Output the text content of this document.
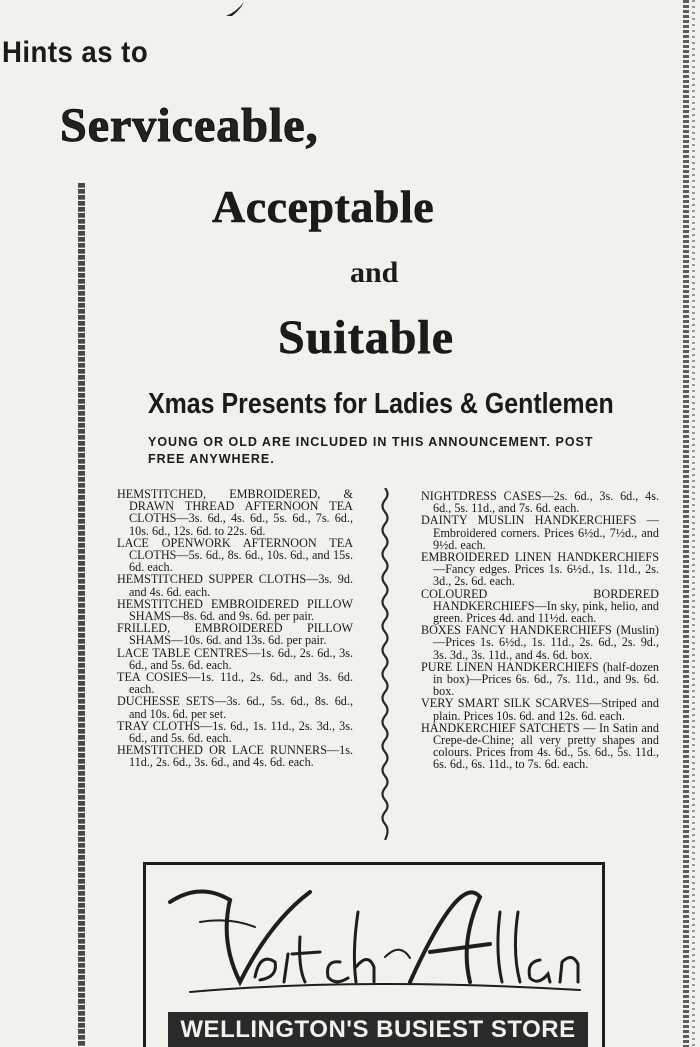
Hints as to
Serviceable,
Acceptable
and
Suitable
Xmas Presents for Ladies & Gentlemen
YOUNG OR OLD ARE INCLUDED IN THIS ANNOUNCEMENT. POST FREE ANYWHERE.

HEMSTITCHED, EMBROIDERED, & DRAWN THREAD AFTERNOON TEA CLOTHS—3s. 6d., 4s. 6d., 5s. 6d., 7s. 6d., 10s. 6d., 12s. 6d. to 22s. 6d.

LACE OPENWORK AFTERNOON TEA CLOTHS—5s. 6d., 8s. 6d., 10s. 6d., and 15s. 6d. each.

HEMSTITCHED SUPPER CLOTHS—3s. 9d. and 4s. 6d. each.

HEMSTITCHED EMBROIDERED PILLOW SHAMS—8s. 6d. and 9s. 6d. per pair.

FRILLED, EMBROIDERED PILLOW SHAMS—10s. 6d. and 13s. 6d. per pair.

LACE TABLE CENTRES—1s. 6d., 2s. 6d., 3s. 6d., and 5s. 6d. each.

TEA COSIES—1s. 11d., 2s. 6d., and 3s. 6d. each.

DUCHESSE SETS—3s. 6d., 5s. 6d., 8s. 6d., and 10s. 6d. per set.

TRAY CLOTHS—1s. 6d., 1s. 11d., 2s. 3d., 3s. 6d., and 5s. 6d. each.

HEMSTITCHED OR LACE RUNNERS—1s. 11d., 2s. 6d., 3s. 6d., and 4s. 6d. each.

NIGHTDRESS CASES—2s. 6d., 3s. 6d., 4s. 6d., 5s. 11d., and 7s. 6d. each.

DAINTY MUSLIN HANDKERCHIEFS —Embroidered corners. Prices 6½d., 7½d., and 9½d. each.

EMBROIDERED LINEN HANDKERCHIEFS—Fancy edges. Prices 1s. 6½d., 1s. 11d., 2s. 3d., 2s. 6d. each.

COLOURED BORDERED HANDKERCHIEFS—In sky, pink, helio, and green. Prices 4d. and 11½d. each.

BOXES FANCY HANDKERCHIEFS (Muslin)—Prices 1s. 6½d., 1s. 11d., 2s. 6d., 2s. 9d., 3s. 3d., 3s. 11d., and 4s. 6d. box.

PURE LINEN HANDKERCHIEFS (half-dozen in box)—Prices 6s. 6d., 7s. 11d., and 9s. 6d. box.

VERY SMART SILK SCARVES—Striped and plain. Prices 10s. 6d. and 12s. 6d. each.

HANDKERCHIEF SATCHETS — In Satin and Crepe-de-Chine; all very pretty shapes and colours. Prices from 4s. 6d., 5s. 6d., 5s. 11d., 6s. 6d., 6s. 11d., to 7s. 6d. each.

WELLINGTON'S BUSIEST STORE
